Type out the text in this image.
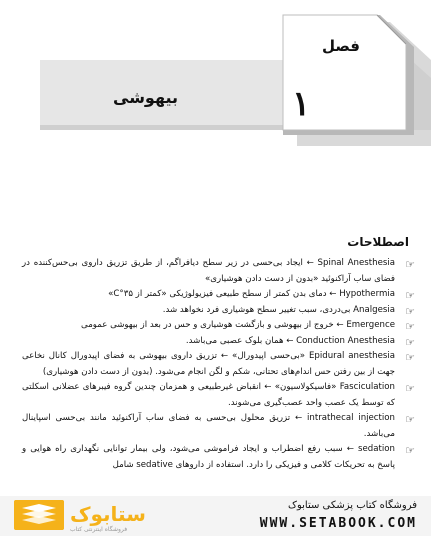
فصل
۱
بیهوشی
اصطلاحات
☞
Spinal Anesthesia ← ایجاد بی‌حسی در زیر سطح دیافراگم، از طریق تزریق داروی بی‌حس‌کننده در فضای ساب آراکنوئید «بدون از دست دادن هوشیاری»
☞
Hypothermia ← دمای بدن کمتر از سطح طبیعی فیزیولوژیکی «کمتر از ۳۵°C»
☞
Analgesia بی‌دردی، سبب تغییر سطح هوشیاری فرد نخواهد شد.
☞
Emergence ← خروج از بیهوشی و بازگشت هوشیاری و حس در بعد از بیهوشی عمومی
☞
Conduction Anesthesia ← همان بلوک عصبی می‌باشد.
☞
Epidural anesthesia «بی‌حسی اپیدورال» ← تزریق داروی بیهوشی به فضای اپیدورال کانال نخاعی جهت از بین رفتن حس اندام‌های تحتانی، شکم و لگن انجام می‌شود. (بدون از دست دادن هوشیاری)
☞
Fasciculation «فاسیکولاسیون» ← انقباض غیرطبیعی و همزمان چندین گروه فیبرهای عضلانی اسکلتی که توسط یک عصب واحد عصب‌گیری می‌شوند.
☞
intrathecal injection ← تزریق محلول بی‌حسی به فضای ساب آراکنوئید مانند بی‌حسی اسپاینال می‌باشد.
☞
sedation ← سبب رفع اضطراب و ایجاد فراموشی می‌شود، ولی بیمار توانایی نگهداری راه هوایی و پاسخ به تحریکات کلامی و فیزیکی را دارد. استفاده از داروهای sedative شامل
ستابوک
فروشگاه اینترنتی کتاب
فروشگاه کتاب پزشکی ستابوک
WWW.SETABOOK.COM
